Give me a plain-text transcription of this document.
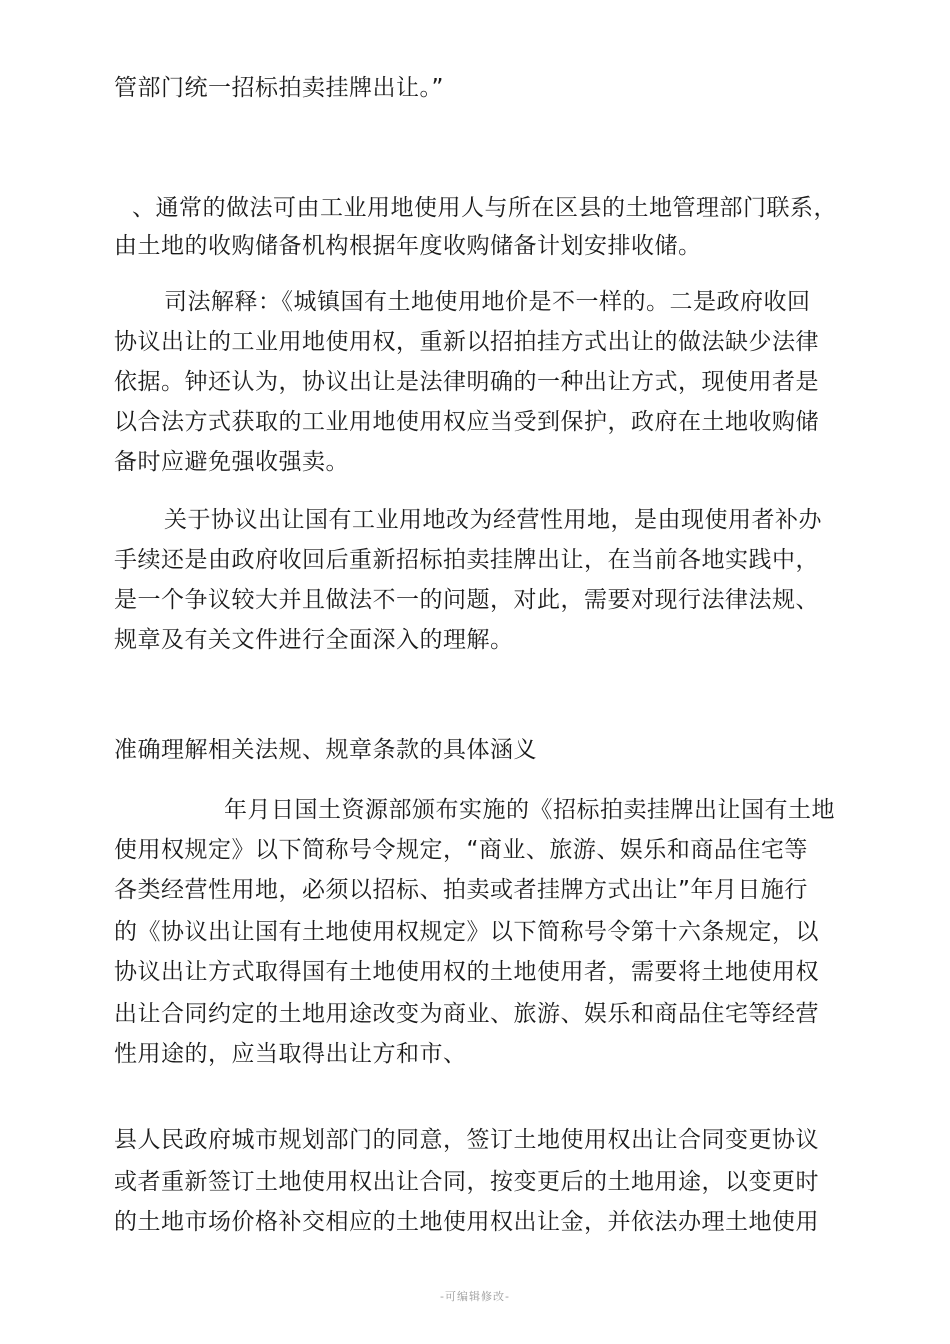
管部门统一招标拍卖挂牌出让。”
、通常的做法可由工业用地使用人与所在区县的土地管理部门联系，
由土地的收购储备机构根据年度收购储备计划安排收储。
司法解释：《城镇国有土地使用地价是不一样的。二是政府收回
协议出让的工业用地使用权，重新以招拍挂方式出让的做法缺少法律
依据。钟还认为，协议出让是法律明确的一种出让方式，现使用者是
以合法方式获取的工业用地使用权应当受到保护，政府在土地收购储
备时应避免强收强卖。
关于协议出让国有工业用地改为经营性用地，是由现使用者补办
手续还是由政府收回后重新招标拍卖挂牌出让，在当前各地实践中，
是一个争议较大并且做法不一的问题，对此，需要对现行法律法规、
规章及有关文件进行全面深入的理解。
准确理解相关法规、规章条款的具体涵义
年月日国土资源部颁布实施的《招标拍卖挂牌出让国有土地
使用权规定》以下简称号令规定，“商业、旅游、娱乐和商品住宅等
各类经营性用地，必须以招标、拍卖或者挂牌方式出让”年月日施行
的《协议出让国有土地使用权规定》以下简称号令第十六条规定，以
协议出让方式取得国有土地使用权的土地使用者，需要将土地使用权
出让合同约定的土地用途改变为商业、旅游、娱乐和商品住宅等经营
性用途的，应当取得出让方和市、
县人民政府城市规划部门的同意，签订土地使用权出让合同变更协议
或者重新签订土地使用权出让合同，按变更后的土地用途，以变更时
的土地市场价格补交相应的土地使用权出让金，并依法办理土地使用
-可编辑修改-
